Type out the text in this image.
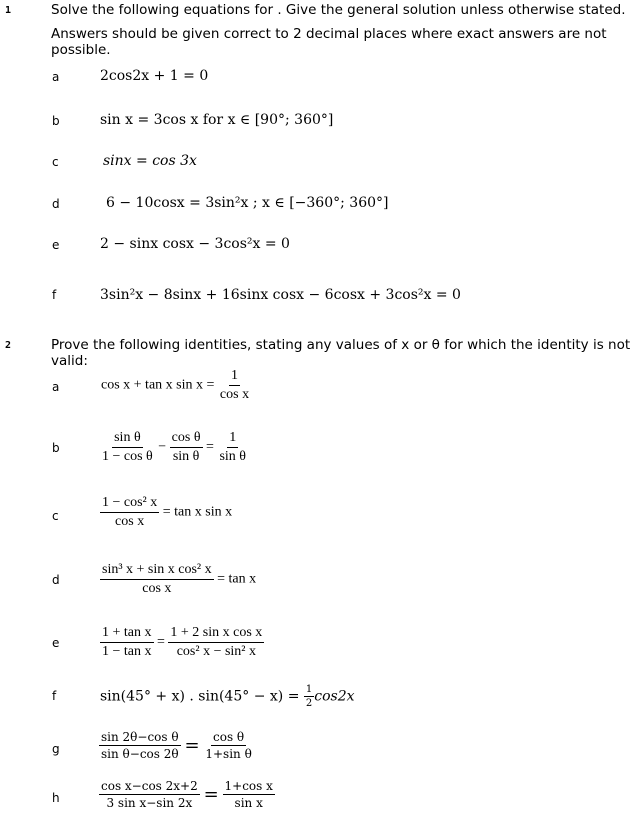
1	Solve the following equations for . Give the general solution unless otherwise stated.
Answers should be given correct to 2 decimal places where exact answers are not possible.
a	2cos2x + 1 = 0
b	sin x = 3cos x for x ∈ [90°; 360°]
c	sinx = cos 3x
d	6 − 10cosx = 3sin²x ; x ∈ [−360°; 360°]
e	2 − sinx cosx − 3cos²x = 0
f	3sin²x − 8sinx + 16sinx cosx − 6cosx + 3cos²x = 0
2	Prove the following identities, stating any values of x or θ for which the identity is not valid:
a	cos x + tan x $\sin x = \frac{1}{\text{cos x}}$
b	$\frac{\text{sin θ}}{\text{1 − cos θ}} - \frac{\text{cos θ}}{\text{sin θ}} = \frac{1}{\text{sin θ}}$
c	$\frac{\text{1 − cos² x}}{\text{cos x}} = \tan x$ sin x
d	$\frac{\text{sin³ x + sin x cos² x}}{\text{cos x}} = \tan x$
e	$\frac{\text{1 + tan x}}{\text{1 − tan x}} = \frac{\text{1 + 2 sin x cos x}}{\text{cos² x − sin² x}}$
f	sin(45° + x) . $\sin(45^\circ - x) = \frac{1}{2} \cos 2x$
g	$\frac{\text{sin 2θ−cos θ}}{\text{sin θ−cos 2θ}} = \frac{\text{cos θ}}{\text{1+sin θ}}$
h	$\frac{\text{cos x−cos 2x+2}}{\text{3 sin x−sin 2x}} = \frac{\text{1+cos x}}{\text{sin x}}$
